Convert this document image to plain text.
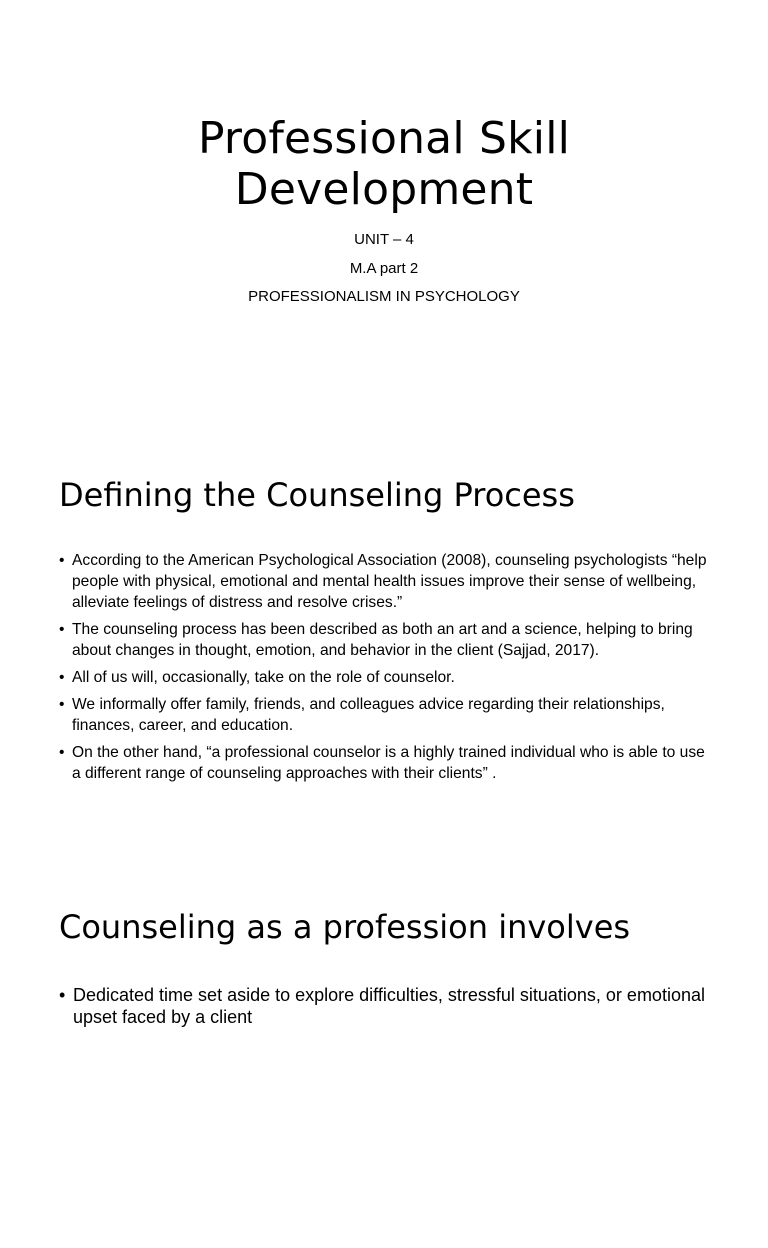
Professional Skill
Development
UNIT – 4
M.A part 2
PROFESSIONALISM IN PSYCHOLOGY
Defining the Counseling Process
• According to the American Psychological Association (2008), counseling psychologists “help people with physical, emotional and mental health issues improve their sense of wellbeing, alleviate feelings of distress and resolve crises.”
• The counseling process has been described as both an art and a science, helping to bring about changes in thought, emotion, and behavior in the client (Sajjad, 2017).
• All of us will, occasionally, take on the role of counselor.
• We informally offer family, friends, and colleagues advice regarding their relationships, finances, career, and education.
• On the other hand, “a professional counselor is a highly trained individual who is able to use a different range of counseling approaches with their clients” .
Counseling as a profession involves
• Dedicated time set aside to explore difficulties, stressful situations, or emotional upset faced by a client
